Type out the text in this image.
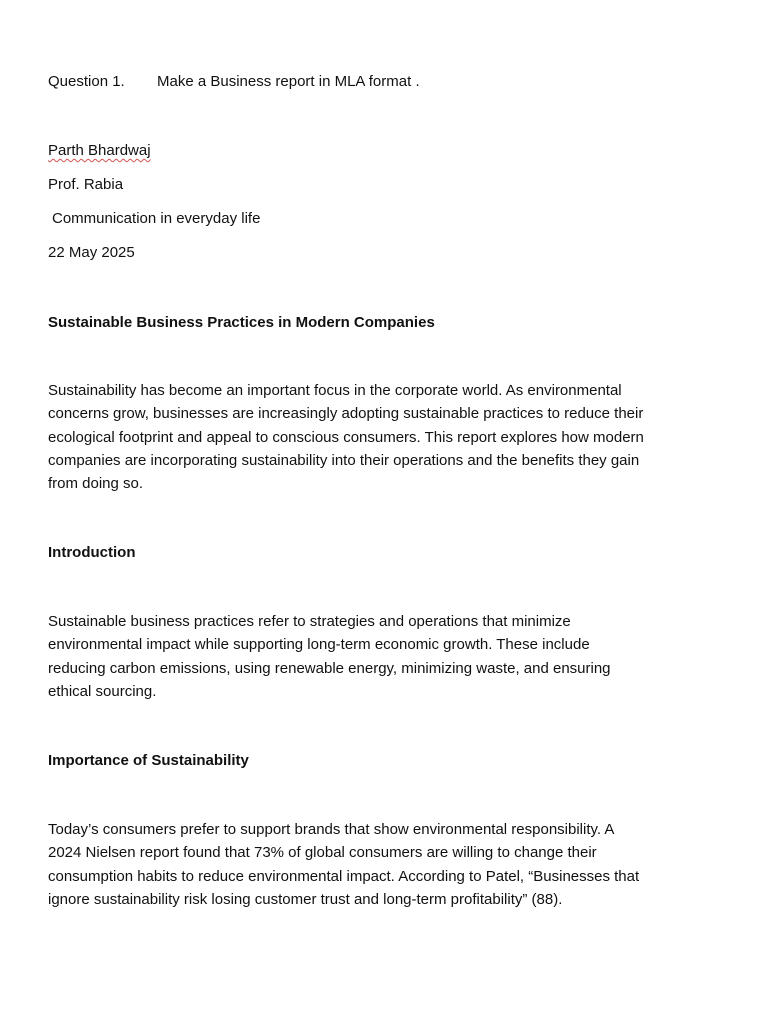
Question 1. Make a Business report in MLA format .
Parth Bhardwaj
Prof. Rabia
Communication in everyday life
22 May 2025
Sustainable Business Practices in Modern Companies
Sustainability has become an important focus in the corporate world. As environmental
concerns grow, businesses are increasingly adopting sustainable practices to reduce their
ecological footprint and appeal to conscious consumers. This report explores how modern
companies are incorporating sustainability into their operations and the benefits they gain
from doing so.
Introduction
Sustainable business practices refer to strategies and operations that minimize
environmental impact while supporting long-term economic growth. These include
reducing carbon emissions, using renewable energy, minimizing waste, and ensuring
ethical sourcing.
Importance of Sustainability
Today’s consumers prefer to support brands that show environmental responsibility. A
2024 Nielsen report found that 73% of global consumers are willing to change their
consumption habits to reduce environmental impact. According to Patel, “Businesses that
ignore sustainability risk losing customer trust and long-term profitability” (88).
